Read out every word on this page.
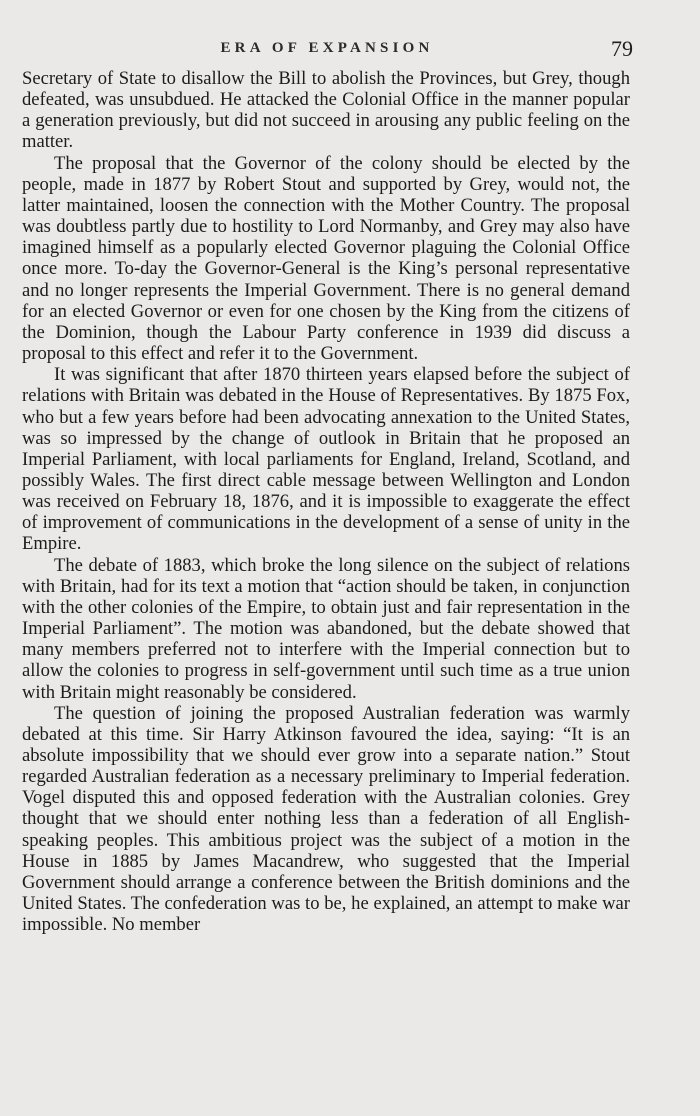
ERA OF EXPANSION	79

Secretary of State to disallow the Bill to abolish the Provinces, but Grey, though defeated, was unsubdued. He attacked the Colonial Office in the manner popular a generation previously, but did not succeed in arousing any public feeling on the matter.

The proposal that the Governor of the colony should be elected by the people, made in 1877 by Robert Stout and supported by Grey, would not, the latter maintained, loosen the connection with the Mother Country. The proposal was doubtless partly due to hostility to Lord Normanby, and Grey may also have imagined himself as a popularly elected Governor plaguing the Colonial Office once more. To-day the Governor-General is the King’s personal representative and no longer represents the Imperial Government. There is no general demand for an elected Governor or even for one chosen by the King from the citizens of the Dominion, though the Labour Party conference in 1939 did discuss a proposal to this effect and refer it to the Government.

It was significant that after 1870 thirteen years elapsed before the subject of relations with Britain was debated in the House of Representatives. By 1875 Fox, who but a few years before had been advocating annexation to the United States, was so impressed by the change of outlook in Britain that he proposed an Imperial Parliament, with local parliaments for England, Ireland, Scotland, and possibly Wales. The first direct cable message between Wellington and London was received on February 18, 1876, and it is impossible to exaggerate the effect of improvement of communications in the development of a sense of unity in the Empire.

The debate of 1883, which broke the long silence on the subject of relations with Britain, had for its text a motion that “action should be taken, in conjunction with the other colonies of the Empire, to obtain just and fair representation in the Imperial Parliament”. The motion was abandoned, but the debate showed that many members preferred not to interfere with the Imperial connection but to allow the colonies to progress in self-government until such time as a true union with Britain might reasonably be considered.

The question of joining the proposed Australian federation was warmly debated at this time. Sir Harry Atkinson favoured the idea, saying: “It is an absolute impossibility that we should ever grow into a separate nation.” Stout regarded Australian federation as a necessary preliminary to Imperial federation. Vogel disputed this and opposed federation with the Australian colonies. Grey thought that we should enter nothing less than a federation of all English-speaking peoples. This ambitious project was the subject of a motion in the House in 1885 by James Macandrew, who suggested that the Imperial Government should arrange a conference between the British dominions and the United States. The confederation was to be, he explained, an attempt to make war impossible. No member
